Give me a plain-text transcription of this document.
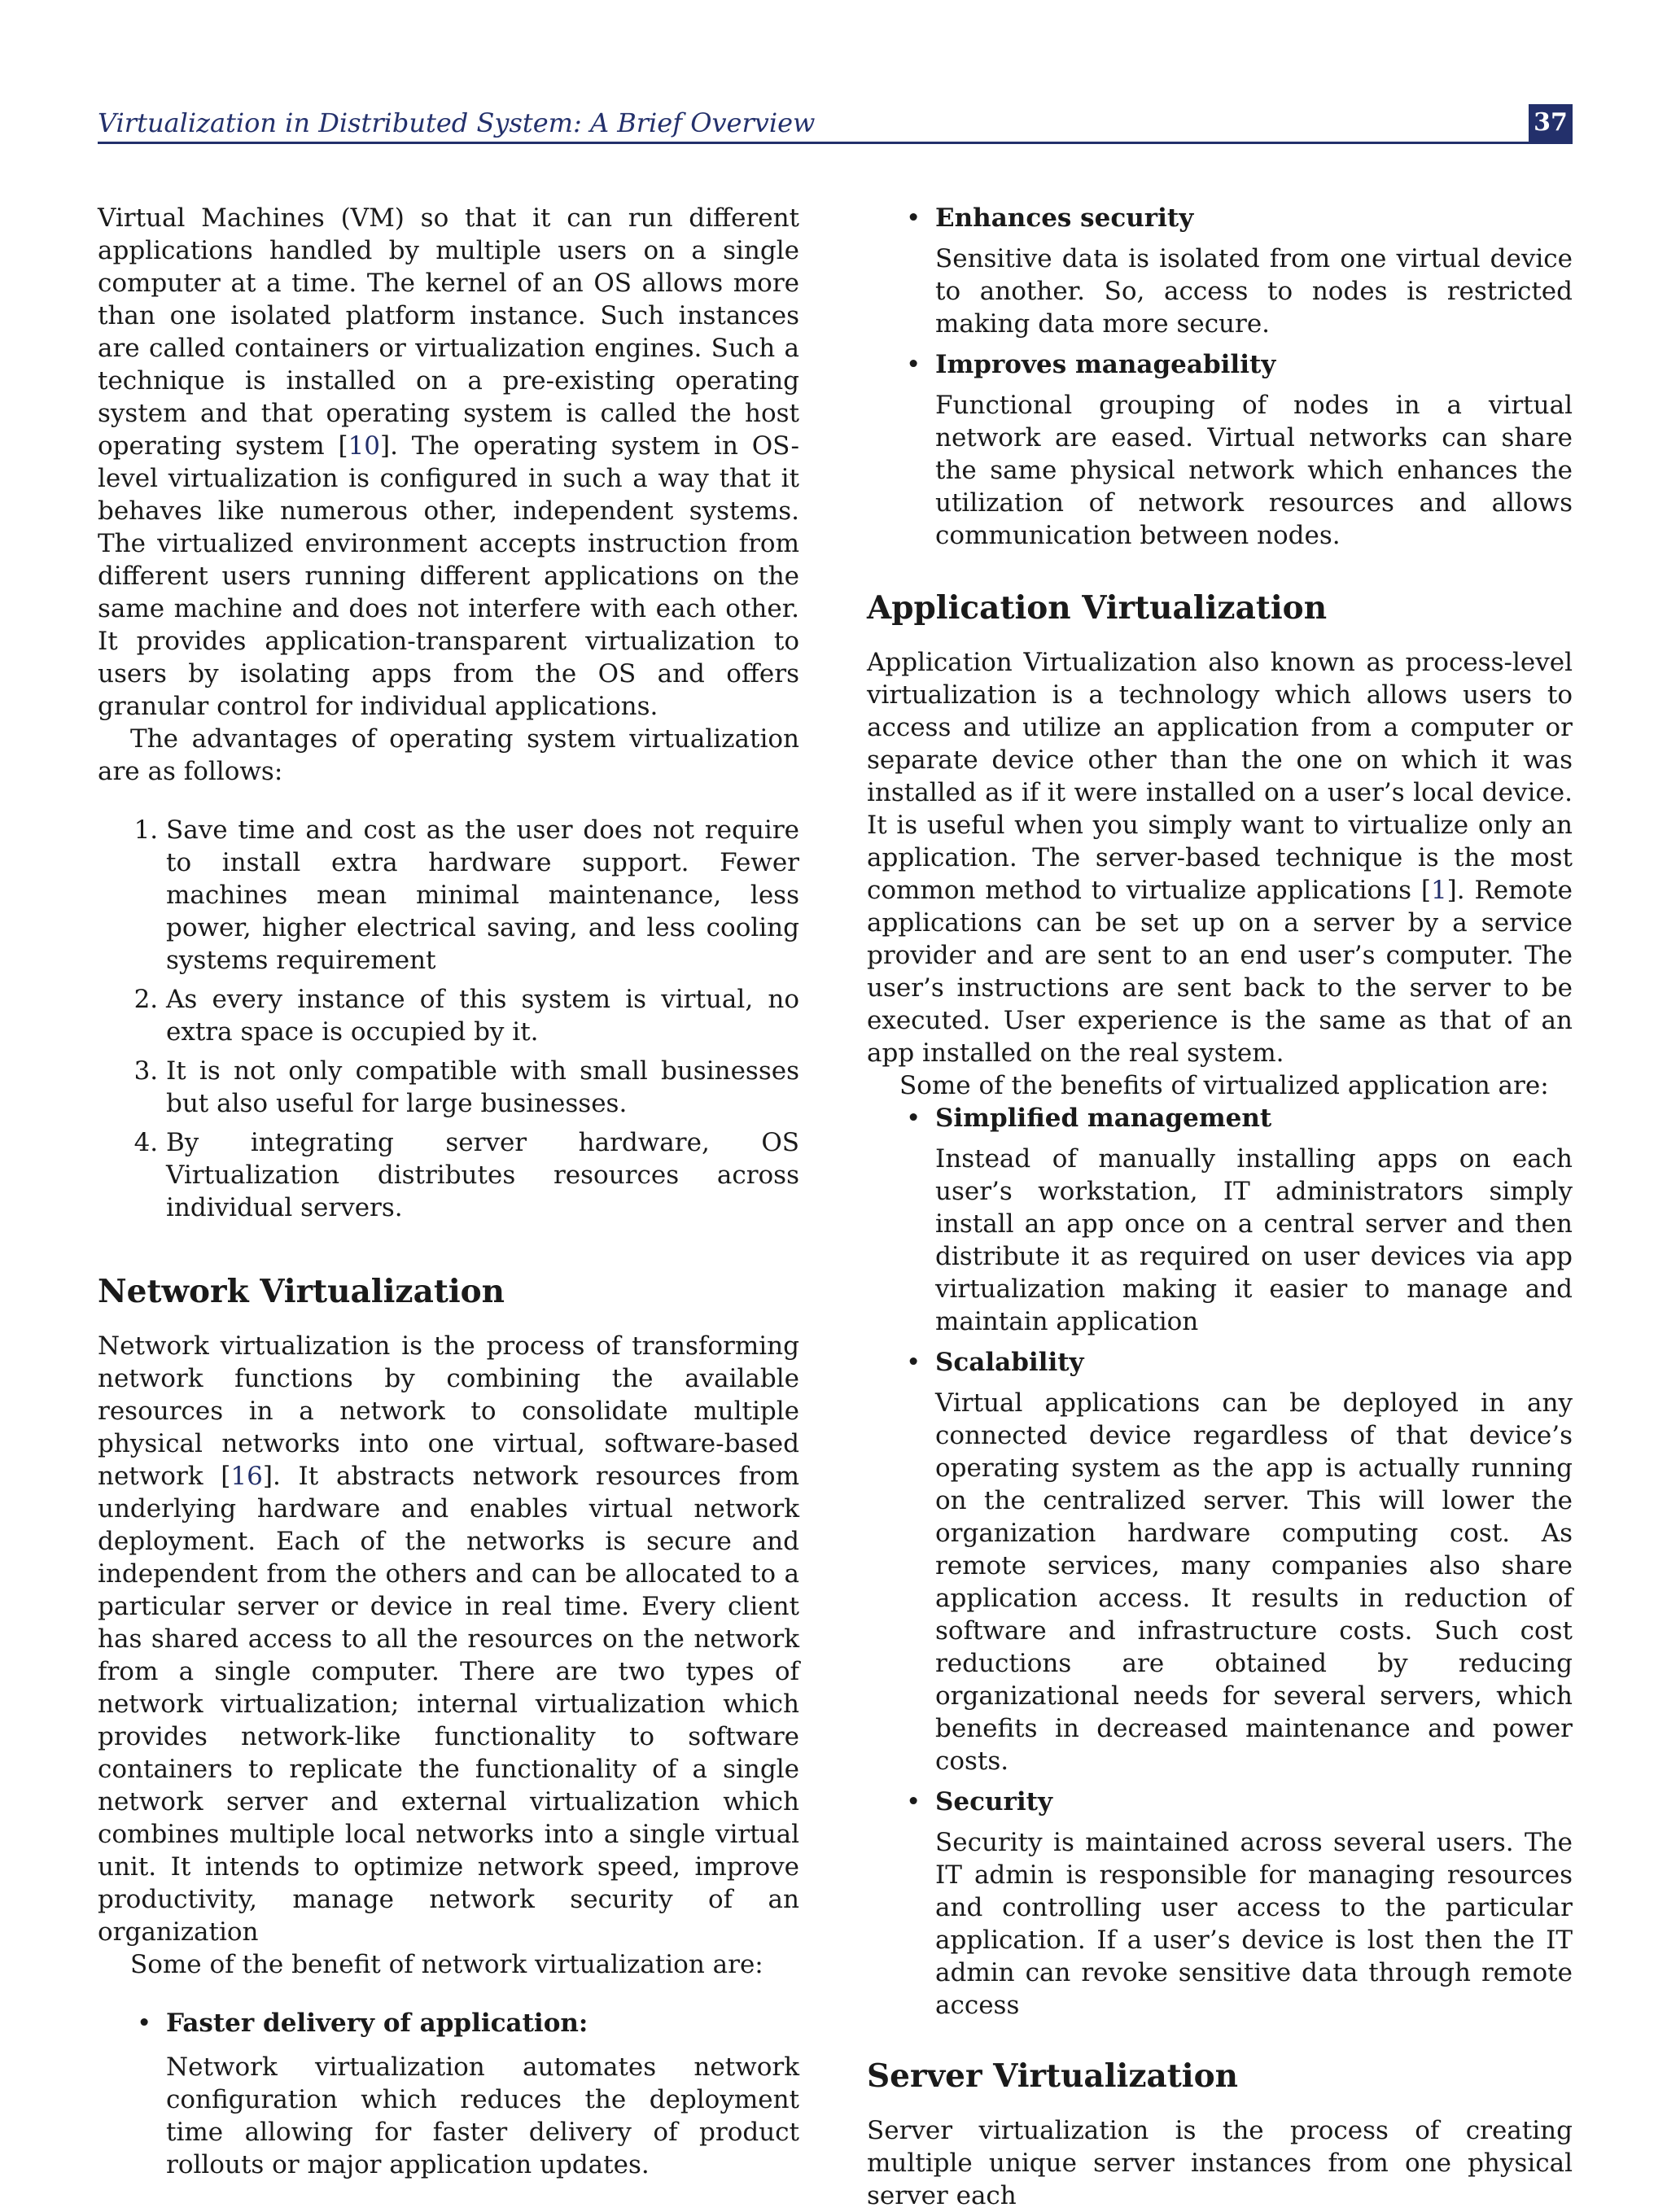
Virtualization in Distributed System: A Brief Overview	37

Virtual Machines (VM) so that it can run different applications handled by multiple users on a single computer at a time. The kernel of an OS allows more than one isolated platform instance. Such instances are called containers or virtualization engines. Such a technique is installed on a pre-existing operating system and that operating system is called the host operating system [10]. The operating system in OS-level virtualization is configured in such a way that it behaves like numerous other, independent systems. The virtualized environment accepts instruction from different users running different applications on the same machine and does not interfere with each other. It provides application-transparent virtualization to users by isolating apps from the OS and offers granular control for individual applications.

The advantages of operating system virtualization are as follows:

1. Save time and cost as the user does not require to install extra hardware support. Fewer machines mean minimal maintenance, less power, higher electrical saving, and less cooling systems requirement
2. As every instance of this system is virtual, no extra space is occupied by it.
3. It is not only compatible with small businesses but also useful for large businesses.
4. By integrating server hardware, OS Virtualization distributes resources across individual servers.
Network Virtualization

Network virtualization is the process of transforming network functions by combining the available resources in a network to consolidate multiple physical networks into one virtual, software-based network [16]. It abstracts network resources from underlying hardware and enables virtual network deployment. Each of the networks is secure and independent from the others and can be allocated to a particular server or device in real time. Every client has shared access to all the resources on the network from a single computer. There are two types of network virtualization; internal virtualization which provides network-like functionality to software containers to replicate the functionality of a single network server and external virtualization which combines multiple local networks into a single virtual unit. It intends to optimize network speed, improve productivity, manage network security of an organization

Some of the benefit of network virtualization are:

• Faster delivery of application:
Network virtualization automates network configuration which reduces the deployment time allowing for faster delivery of product rollouts or major application updates.
• Enhances security
Sensitive data is isolated from one virtual device to another. So, access to nodes is restricted making data more secure.
• Improves manageability
Functional grouping of nodes in a virtual network are eased. Virtual networks can share the same physical network which enhances the utilization of network resources and allows communication between nodes.
Application Virtualization

Application Virtualization also known as process-level virtualization is a technology which allows users to access and utilize an application from a computer or separate device other than the one on which it was installed as if it were installed on a user’s local device. It is useful when you simply want to virtualize only an application. The server-based technique is the most common method to virtualize applications [1]. Remote applications can be set up on a server by a service provider and are sent to an end user’s computer. The user’s instructions are sent back to the server to be executed. User experience is the same as that of an app installed on the real system.

Some of the benefits of virtualized application are:

• Simplified management
Instead of manually installing apps on each user’s workstation, IT administrators simply install an app once on a central server and then distribute it as required on user devices via app virtualization making it easier to manage and maintain application
• Scalability
Virtual applications can be deployed in any connected device regardless of that device’s operating system as the app is actually running on the centralized server. This will lower the organization hardware computing cost. As remote services, many companies also share application access. It results in reduction of software and infrastructure costs. Such cost reductions are obtained by reducing organizational needs for several servers, which benefits in decreased maintenance and power costs.
• Security
Security is maintained across several users. The IT admin is responsible for managing resources and controlling user access to the particular application. If a user’s device is lost then the IT admin can revoke sensitive data through remote access
Server Virtualization

Server virtualization is the process of creating multiple unique server instances from one physical server each
